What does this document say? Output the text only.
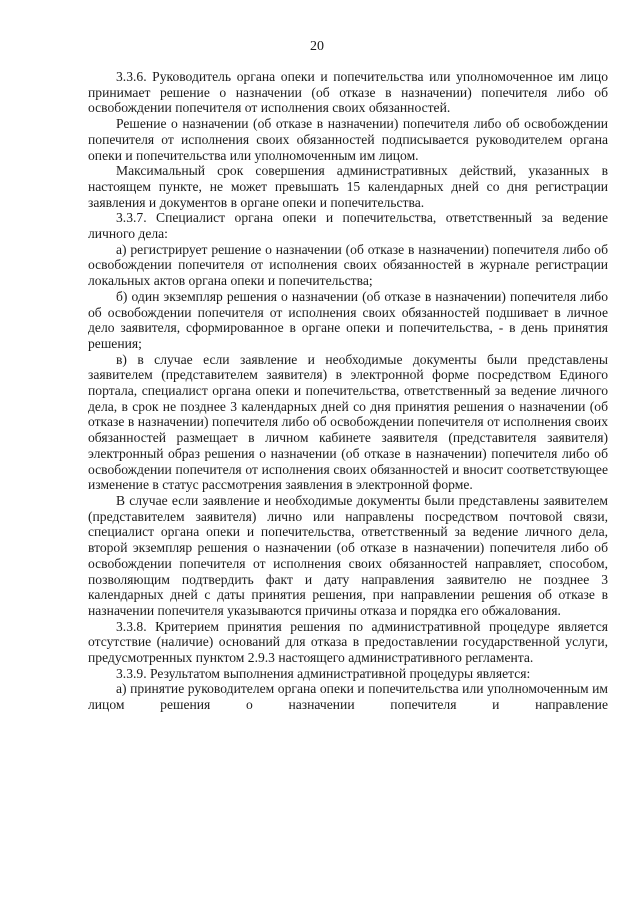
20

3.3.6. Руководитель органа опеки и попечительства или уполномоченное им лицо принимает решение о назначении (об отказе в назначении) попечителя либо об освобождении попечителя от исполнения своих обязанностей.

Решение о назначении (об отказе в назначении) попечителя либо об освобождении попечителя от исполнения своих обязанностей подписывается руководителем органа опеки и попечительства или уполномоченным им лицом.

Максимальный срок совершения административных действий, указанных в настоящем пункте, не может превышать 15 календарных дней со дня регистрации заявления и документов в органе опеки и попечительства.

3.3.7. Специалист органа опеки и попечительства, ответственный за ведение личного дела:

а) регистрирует решение о назначении (об отказе в назначении) попечителя либо об освобождении попечителя от исполнения своих обязанностей в журнале регистрации локальных актов органа опеки и попечительства;

б) один экземпляр решения о назначении (об отказе в назначении) попечителя либо об освобождении попечителя от исполнения своих обязанностей подшивает в личное дело заявителя, сформированное в органе опеки и попечительства, - в день принятия решения;

в) в случае если заявление и необходимые документы были представлены заявителем (представителем заявителя) в электронной форме посредством Единого портала, специалист органа опеки и попечительства, ответственный за ведение личного дела, в срок не позднее 3 календарных дней со дня принятия решения о назначении (об отказе в назначении) попечителя либо об освобождении попечителя от исполнения своих обязанностей размещает в личном кабинете заявителя (представителя заявителя) электронный образ решения о назначении (об отказе в назначении) попечителя либо об освобождении попечителя от исполнения своих обязанностей и вносит соответствующее изменение в статус рассмотрения заявления в электронной форме.

В случае если заявление и необходимые документы были представлены заявителем (представителем заявителя) лично или направлены посредством почтовой связи, специалист органа опеки и попечительства, ответственный за ведение личного дела, второй экземпляр решения о назначении (об отказе в назначении) попечителя либо об освобождении попечителя от исполнения своих обязанностей направляет, способом, позволяющим подтвердить факт и дату направления заявителю не позднее 3 календарных дней с даты принятия решения, при направлении решения об отказе в назначении попечителя указываются причины отказа и порядка его обжалования.

3.3.8. Критерием принятия решения по административной процедуре является отсутствие (наличие) оснований для отказа в предоставлении государственной услуги, предусмотренных пунктом 2.9.3 настоящего административного регламента.

3.3.9. Результатом выполнения административной процедуры является:

а) принятие руководителем органа опеки и попечительства или уполномоченным им лицом решения о назначении попечителя и направление
